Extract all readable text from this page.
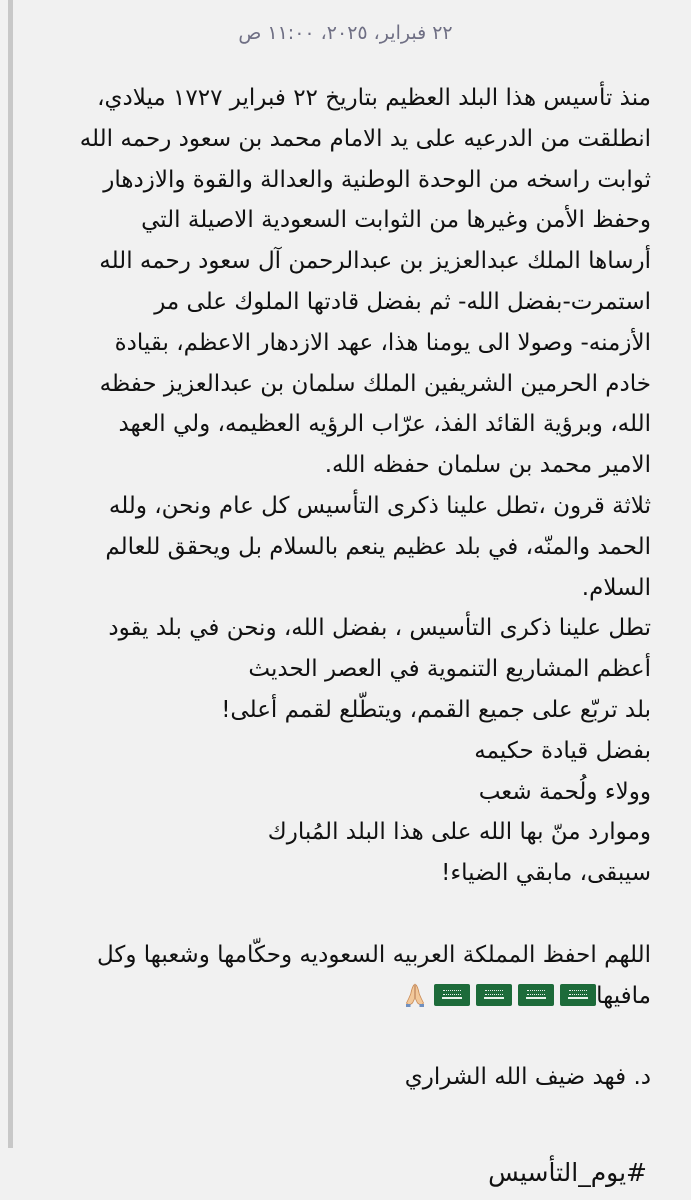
٢٢ فبراير، ٢٠٢٥، ١١:٠٠ ص

منذ تأسيس هذا البلد العظيم بتاريخ ٢٢ فبراير ١٧٢٧ ميلادي،

انطلقت من الدرعيه على يد الامام محمد بن سعود رحمه الله

ثوابت راسخه من الوحدة الوطنية والعدالة والقوة والازدهار

وحفظ الأمن وغيرها من الثوابت السعودية الاصيلة التي

أرساها الملك عبدالعزيز بن عبدالرحمن آل سعود رحمه الله

استمرت-بفضل الله- ثم بفضل قادتها الملوك على مر

الأزمنه- وصولا الى يومنا هذا، عهد الازدهار الاعظم، بقيادة

خادم الحرمين الشريفين الملك سلمان بن عبدالعزيز حفظه

الله، وبرؤية القائد الفذ، عرّاب الرؤيه العظيمه، ولي العهد

الامير محمد بن سلمان حفظه الله.

ثلاثة قرون ،تطل علينا ذكرى التأسيس كل عام ونحن، ولله

الحمد والمنّه، في بلد عظيم ينعم بالسلام بل ويحقق للعالم

السلام.

تطل علينا ذكرى التأسيس ، بفضل الله، ونحن في بلد يقود

أعظم المشاريع التنموية في العصر الحديث

بلد تربّع على جميع القمم، ويتطّلع لقمم أعلى!

بفضل قيادة حكيمه

وولاء ولُحمة شعب

وموارد منّ بها الله على هذا البلد المُبارك

سيبقى، مابقي الضياء!

اللهم احفظ المملكة العربيه السعوديه وحكّامها وشعبها وكل

مافيها

د. فهد ضيف الله الشراري

#يوم_التأسيس
